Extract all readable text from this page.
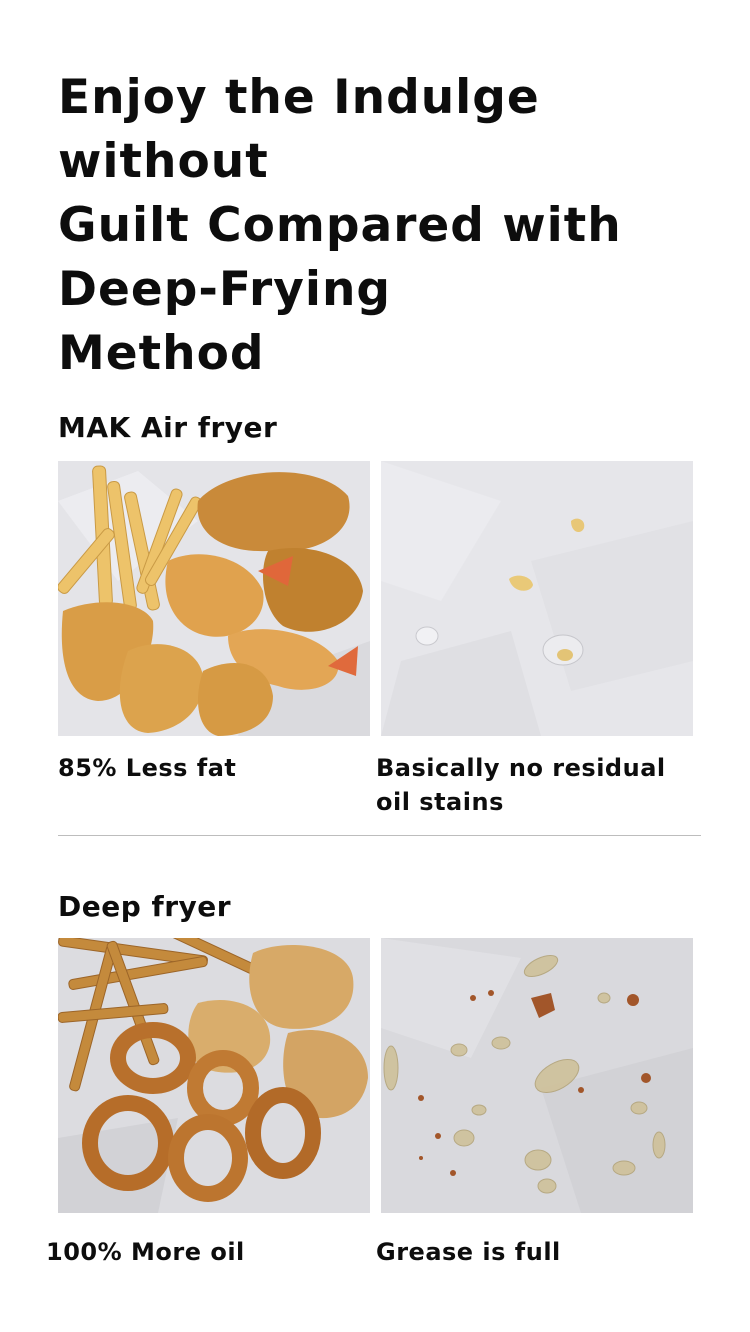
Enjoy the Indulge
without
Guilt Compared with
Deep-Frying
Method
MAK Air fryer
85% Less fat	Basically no residual
oil stains
Deep fryer
100% More oil	Grease is full
